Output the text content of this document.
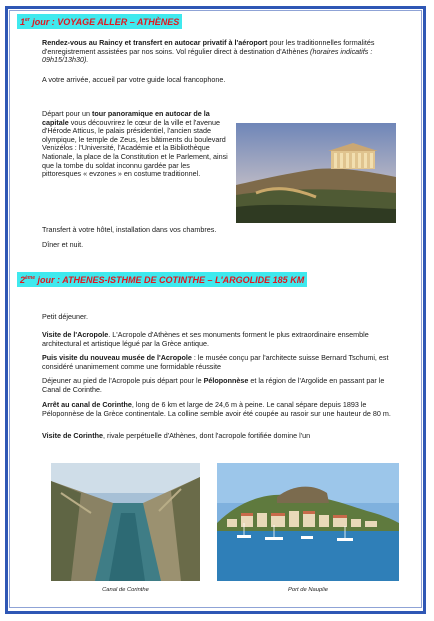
1er jour : VOYAGE ALLER – ATHÈNES

Rendez-vous au Raincy et transfert en autocar privatif à l'aéroport pour les traditionnelles formalités d'enregistrement assistées par nos soins. Vol régulier direct à destination d'Athènes (horaires indicatifs : 09h15/13h30).

A votre arrivée, accueil par votre guide local francophone.

Départ pour un tour panoramique en autocar de la capitale vous découvrirez le cœur de la ville et l'avenue d'Hérode Atticus, le palais présidentiel, l'ancien stade olympique, le temple de Zeus, les bâtiments du boulevard Venizélos : l'Université, l'Académie et la Bibliothèque Nationale, la place de la Constitution et le Parlement, ainsi que la tombe du soldat inconnu gardée par les pittoresques « evzones » en costume traditionnel.

Transfert à votre hôtel, installation dans vos chambres.

Dîner et nuit.

2ème jour : ATHENES-ISTHME DE COTINTHE – L'ARGOLIDE 185 KM

Petit déjeuner.

Visite de l'Acropole. L'Acropole d'Athènes et ses monuments forment le plus extraordinaire ensemble architectural et artistique légué par la Grèce antique.

Puis visite du nouveau musée de l'Acropole : le musée conçu par l'architecte suisse Bernard Tschumi, est considéré unanimement comme une formidable réussite

Déjeuner au pied de l'Acropole puis départ pour le Péloponnèse et la région de l'Argolide en passant par le Canal de Corinthe.

Arrêt au canal de Corinthe, long de 6 km et large de 24,6 m à peine. Le canal sépare depuis 1893 le Péloponnèse de la Grèce continentale. La colline semble avoir été coupée au rasoir sur une hauteur de 80 m.

Visite de Corinthe, rivale perpétuelle d'Athènes, dont l'acropole fortifiée domine l'un

Canal de Corinthe	Port de Nauplie
